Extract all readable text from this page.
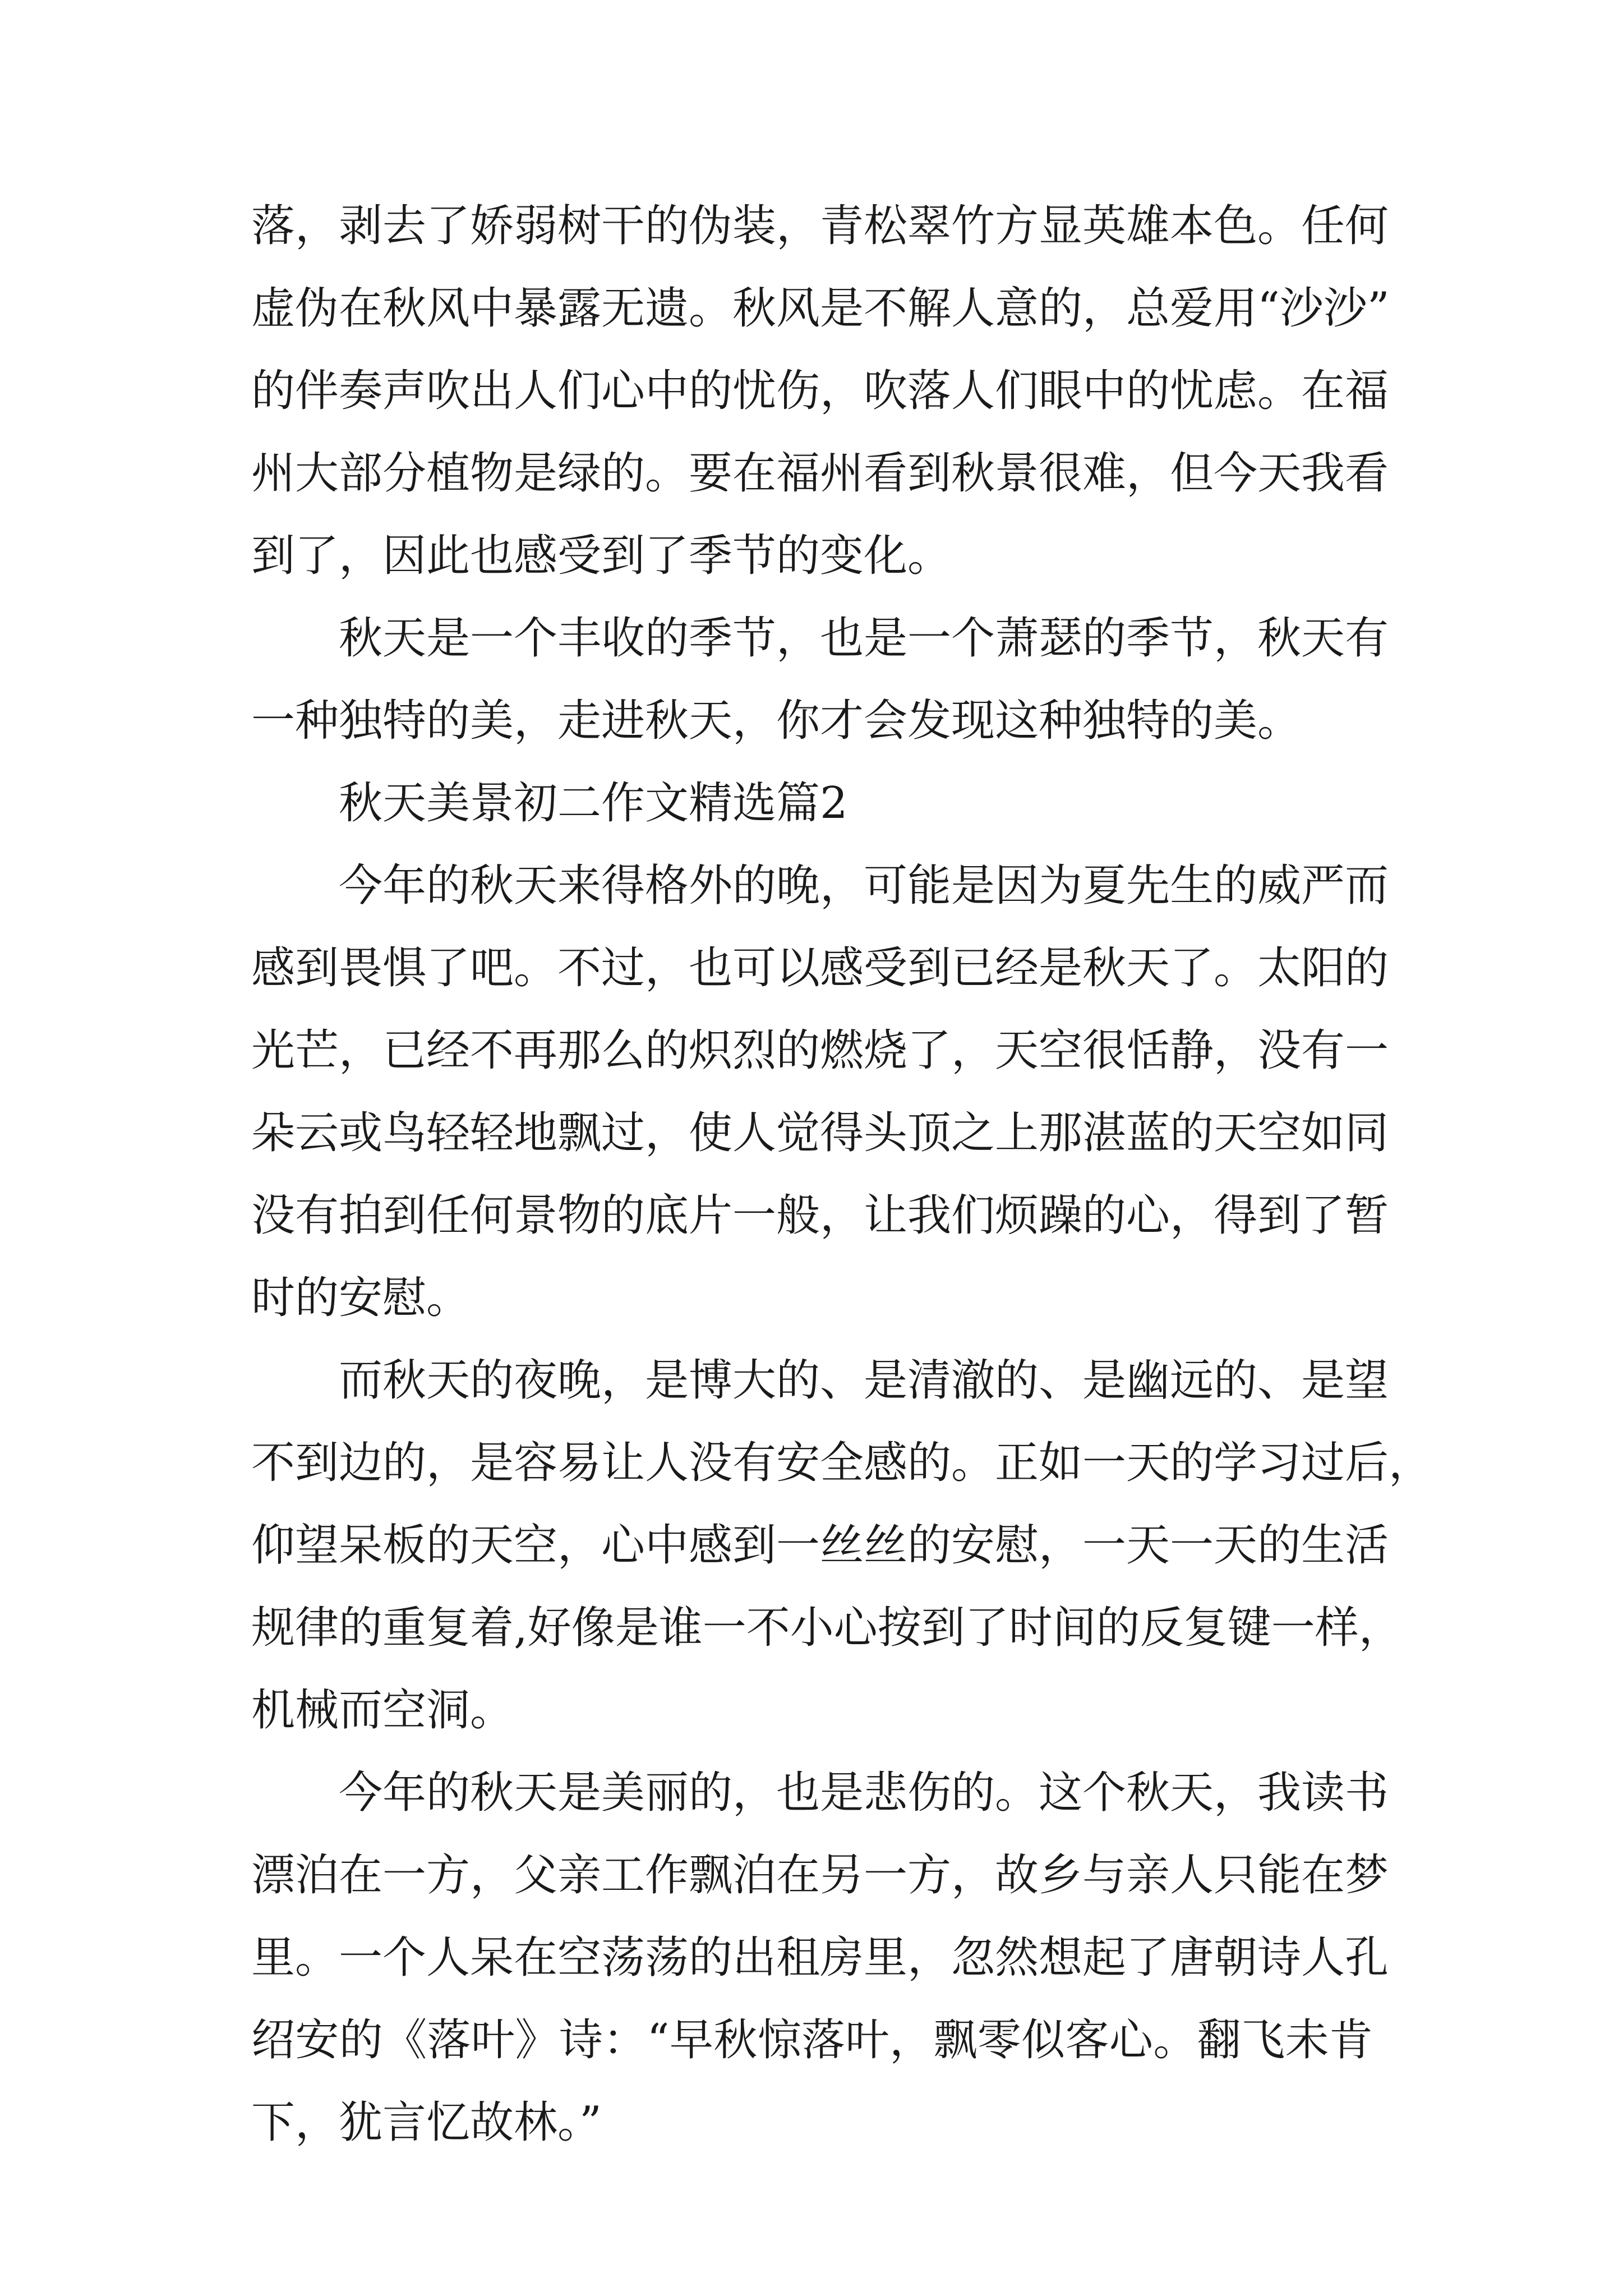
落，剥去了娇弱树干的伪装，青松翠竹方显英雄本色。任何
虚伪在秋风中暴露无遗。秋风是不解人意的，总爱用“沙沙”
的伴奏声吹出人们心中的忧伤，吹落人们眼中的忧虑。在福
州大部分植物是绿的。要在福州看到秋景很难，但今天我看
到了，因此也感受到了季节的变化。
秋天是一个丰收的季节，也是一个萧瑟的季节，秋天有
一种独特的美，走进秋天，你才会发现这种独特的美。
秋天美景初二作文精选篇2
今年的秋天来得格外的晚，可能是因为夏先生的威严而
感到畏惧了吧。不过，也可以感受到已经是秋天了。太阳的
光芒，已经不再那么的炽烈的燃烧了，天空很恬静，没有一
朵云或鸟轻轻地飘过，使人觉得头顶之上那湛蓝的天空如同
没有拍到任何景物的底片一般，让我们烦躁的心，得到了暂
时的安慰。
而秋天的夜晚，是博大的、是清澈的、是幽远的、是望
不到边的，是容易让人没有安全感的。正如一天的学习过后，
仰望呆板的天空，心中感到一丝丝的安慰，一天一天的生活
规律的重复着,好像是谁一不小心按到了时间的反复键一样，
机械而空洞。
今年的秋天是美丽的，也是悲伤的。这个秋天，我读书
漂泊在一方，父亲工作飘泊在另一方，故乡与亲人只能在梦
里。一个人呆在空荡荡的出租房里，忽然想起了唐朝诗人孔
绍安的《落叶》诗：“早秋惊落叶，飘零似客心。翻飞未肯
下，犹言忆故林。”
